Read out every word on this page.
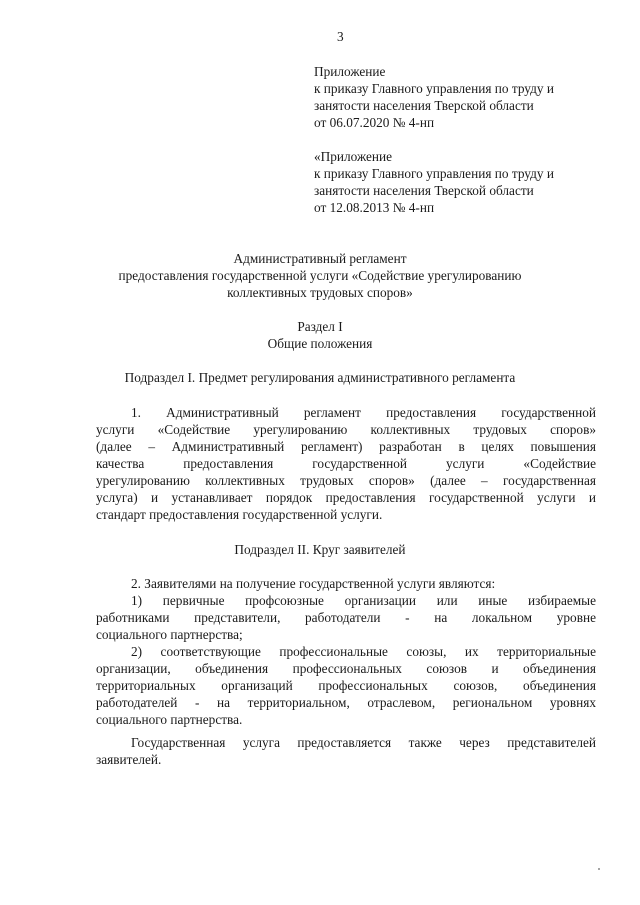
3
Приложение
к приказу Главного управления по труду и
занятости населения Тверской области
от 06.07.2020 № 4-нп
«Приложение
к приказу Главного управления по труду и
занятости населения Тверской области
от 12.08.2013 № 4-нп
Административный регламент
предоставления государственной услуги «Содействие урегулированию
коллективных трудовых споров»
Раздел I
Общие положения
Подраздел I. Предмет регулирования административного регламента
1. Административный регламент предоставления государственной
услуги «Содействие урегулированию коллективных трудовых споров»
(далее – Административный регламент) разработан в целях повышения
качества предоставления государственной услуги «Содействие
урегулированию коллективных трудовых споров» (далее – государственная
услуга) и устанавливает порядок предоставления государственной услуги и
стандарт предоставления государственной услуги.
Подраздел II. Круг заявителей
2. Заявителями на получение государственной услуги являются:
1) первичные профсоюзные организации или иные избираемые
работниками представители, работодатели - на локальном уровне
социального партнерства;
2) соответствующие профессиональные союзы, их территориальные
организации, объединения профессиональных союзов и объединения
территориальных организаций профессиональных союзов, объединения
работодателей - на территориальном, отраслевом, региональном уровнях
социального партнерства.
Государственная услуга предоставляется также через представителей
заявителей.
